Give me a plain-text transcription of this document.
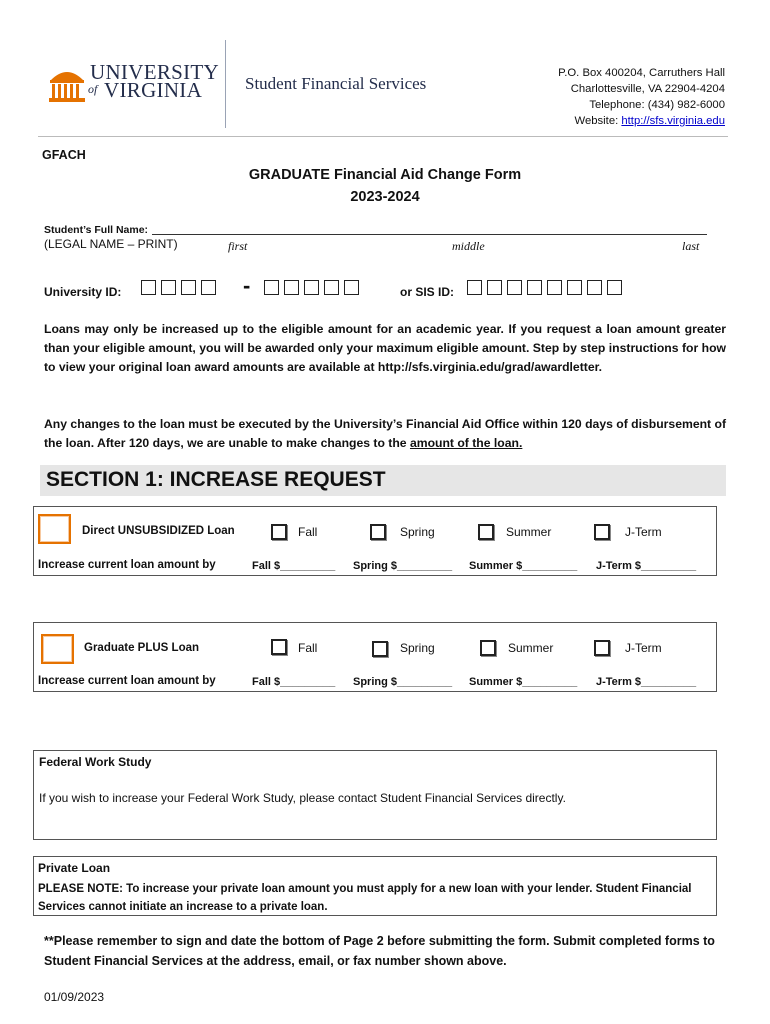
UNIVERSITY
of VIRGINIA	Student Financial Services
P.O. Box 400204, Carruthers Hall
Charlottesville, VA 22904-4204
Telephone: (434) 982-6000
Website: http://sfs.virginia.edu
GFACH
GRADUATE Financial Aid Change Form
2023-2024
Student’s Full Name:
(LEGAL NAME – PRINT)	first	middle	last
University ID:	-	or SIS ID:
Loans may only be increased up to the eligible amount for an academic year. If you request a loan amount greater than your eligible amount, you will be awarded only your maximum eligible amount. Step by step instructions for how to view your original loan award amounts are available at http://sfs.virginia.edu/grad/awardletter.
Any changes to the loan must be executed by the University’s Financial Aid Office within 120 days of disbursement of the loan. After 120 days, we are unable to make changes to the amount of the loan.
SECTION 1: INCREASE REQUEST
Direct UNSUBSIDIZED Loan	Fall	Spring	Summer	J-Term
Increase current loan amount by	Fall $_________ Spring $_________ Summer $_________ J-Term $_________
Graduate PLUS Loan	Fall	Spring	Summer	J-Term
Increase current loan amount by	Fall $_________ Spring $_________ Summer $_________ J-Term $_________
Federal Work Study
If you wish to increase your Federal Work Study, please contact Student Financial Services directly.
Private Loan
PLEASE NOTE: To increase your private loan amount you must apply for a new loan with your lender. Student Financial Services cannot initiate an increase to a private loan.
**Please remember to sign and date the bottom of Page 2 before submitting the form. Submit completed forms to Student Financial Services at the address, email, or fax number shown above.
01/09/2023
